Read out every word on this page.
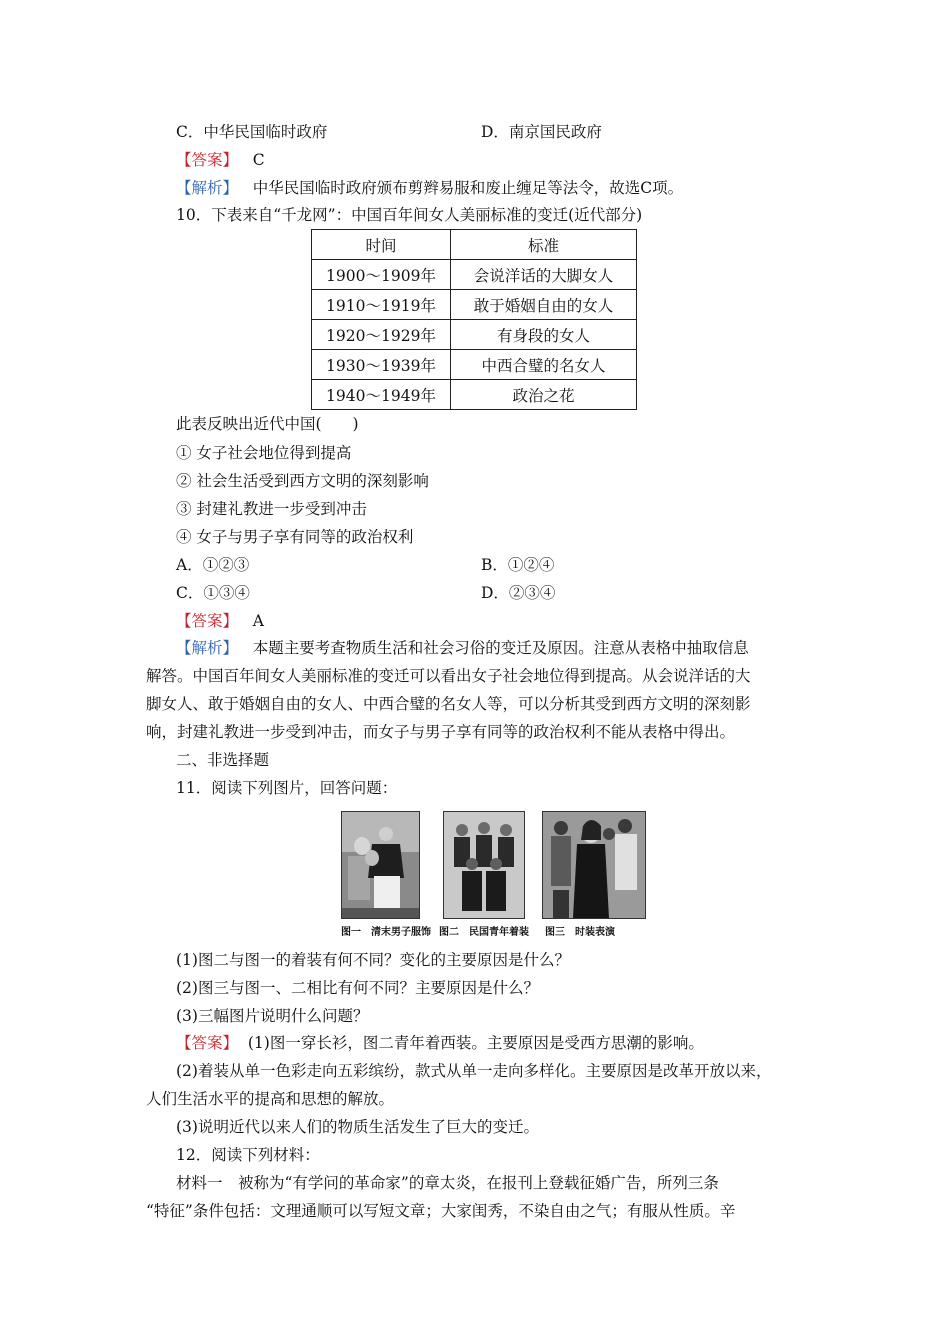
C．中华民国临时政府	D．南京国民政府
【答案】 C
【解析】 中华民国临时政府颁布剪辫易服和废止缠足等法令，故选C项。
10．下表来自“千龙网”：中国百年间女人美丽标准的变迁(近代部分)
时间	标准
1900～1909年	会说洋话的大脚女人
1910～1919年	敢于婚姻自由的女人
1920～1929年	有身段的女人
1930～1939年	中西合璧的名女人
1940～1949年	政治之花
此表反映出近代中国(　　)
① 女子社会地位得到提高
② 社会生活受到西方文明的深刻影响
③ 封建礼教进一步受到冲击
④ 女子与男子享有同等的政治权利
A．①②③	B．①②④
C．①③④	D．②③④
【答案】 A
【解析】 本题主要考查物质生活和社会习俗的变迁及原因。注意从表格中抽取信息
解答。中国百年间女人美丽标准的变迁可以看出女子社会地位得到提高。从会说洋话的大
脚女人、敢于婚姻自由的女人、中西合璧的名女人等，可以分析其受到西方文明的深刻影
响，封建礼教进一步受到冲击，而女子与男子享有同等的政治权利不能从表格中得出。
二、非选择题
11．阅读下列图片，回答问题：
图一　清末男子服饰 图二　民国青年着装 图三　时装表演
(1)图二与图一的着装有何不同？变化的主要原因是什么？
(2)图三与图一、二相比有何不同？主要原因是什么？
(3)三幅图片说明什么问题？
【答案】 (1)图一穿长衫，图二青年着西装。主要原因是受西方思潮的影响。
(2)着装从单一色彩走向五彩缤纷，款式从单一走向多样化。主要原因是改革开放以来，
人们生活水平的提高和思想的解放。
(3)说明近代以来人们的物质生活发生了巨大的变迁。
12．阅读下列材料：
材料一　被称为“有学问的革命家”的章太炎，在报刊上登载征婚广告，所列三条
“特征”条件包括：文理通顺可以写短文章；大家闺秀，不染自由之气；有服从性质。辛
